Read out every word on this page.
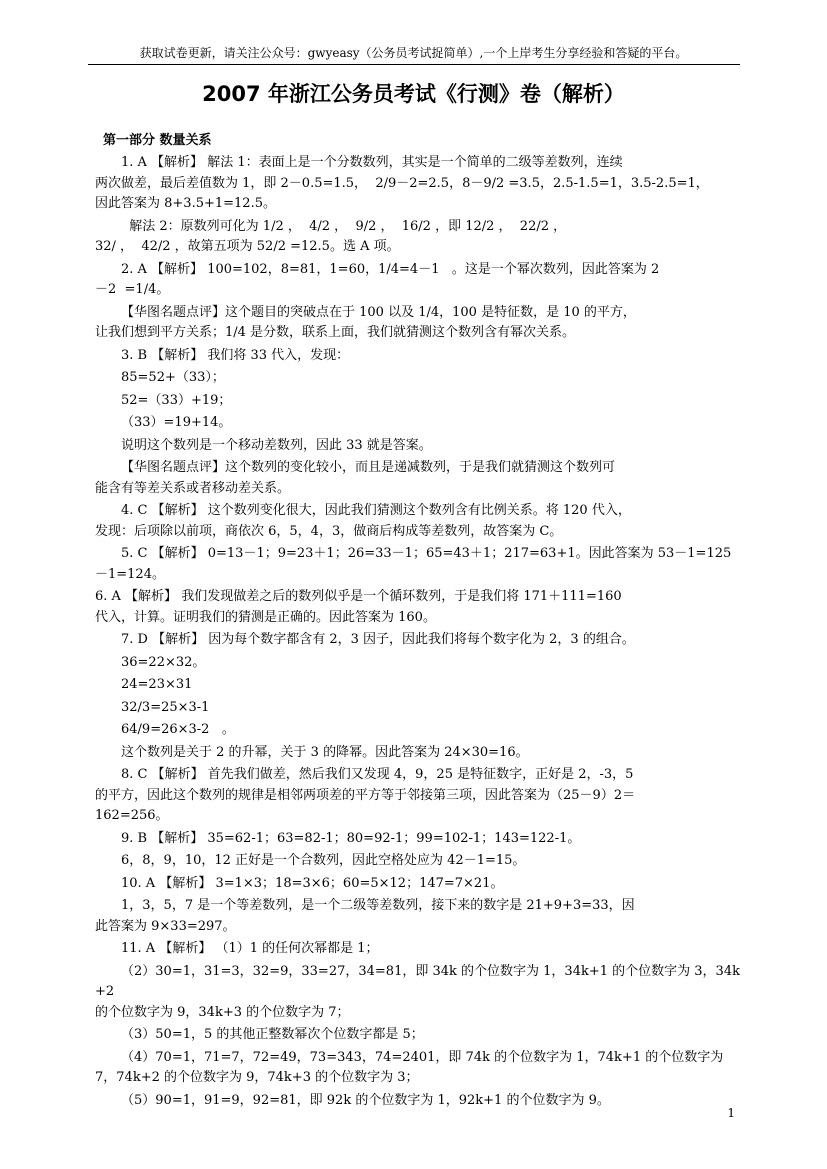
获取试卷更新，请关注公众号：gwyeasy（公务员考试捉简单）,一个上岸考生分享经验和答疑的平台。
2007 年浙江公务员考试《行测》卷（解析）
第一部分 数量关系
1. A 【解析】 解法 1：表面上是一个分数数列，其实是一个简单的二级等差数列，连续
两次做差，最后差值数为 1，即 2－0.5=1.5，  2/9－2=2.5，8－9/2 =3.5，2.5-1.5=1，3.5-2.5=1，
因此答案为 8+3.5+1=12.5。
解法 2：原数列可化为 1/2 ，  4/2 ，  9/2 ，  16/2 ，即 12/2 ，  22/2 ，
32/ ，  42/2 ，故第五项为 52/2 =12.5。选 A 项。
2. A 【解析】 100=102，8=81，1=60，1/4=4－1   。这是一个幂次数列，因此答案为 2
－2  =1/4。
【华图名题点评】这个题目的突破点在于 100 以及 1/4，100 是特征数，是 10 的平方，
让我们想到平方关系；1/4 是分数，联系上面，我们就猜测这个数列含有幂次关系。
3. B 【解析】 我们将 33 代入，发现：
85=52+（33）；
52=（33）+19；
（33）=19+14。
说明这个数列是一个移动差数列，因此 33 就是答案。
【华图名题点评】这个数列的变化较小，而且是递减数列，于是我们就猜测这个数列可
能含有等差关系或者移动差关系。
4. C 【解析】 这个数列变化很大，因此我们猜测这个数列含有比例关系。将 120 代入，
发现：后项除以前项，商依次 6，5，4，3，做商后构成等差数列，故答案为 C。
5. C 【解析】 0=13－1；9=23＋1；26=33－1；65=43＋1；217=63+1。因此答案为 53－1=125
－1=124。
6. A 【解析】 我们发现做差之后的数列似乎是一个循环数列，于是我们将 171＋111=160
代入，计算。证明我们的猜测是正确的。因此答案为 160。
7. D 【解析】 因为每个数字都含有 2，3 因子，因此我们将每个数字化为 2，3 的组合。
36=22×32。
24=23×31
32/3=25×3-1
64/9=26×3-2   。
这个数列是关于 2 的升幂，关于 3 的降幂。因此答案为 24×30=16。
8. C 【解析】 首先我们做差，然后我们又发现 4，9，25 是特征数字，正好是 2，-3，5
的平方，因此这个数列的规律是相邻两项差的平方等于邻接第三项，因此答案为（25－9）2＝
162=256。
9. B 【解析】 35=62-1；63=82-1；80=92-1；99=102-1；143=122-1。
6，8，9，10，12 正好是一个合数列，因此空格处应为 42－1=15。
10. A 【解析】 3=1×3；18=3×6；60=5×12；147=7×21。
1，3，5，7 是一个等差数列，是一个二级等差数列，接下来的数字是 21+9+3=33，因
此答案为 9×33=297。
11. A 【解析】 （1）1 的任何次幂都是 1；
（2）30=1，31=3，32=9，33=27，34=81，即 34k 的个位数字为 1，34k+1 的个位数字为 3，34k+2
的个位数字为 9，34k+3 的个位数字为 7；
（3）50=1，5 的其他正整数幂次个位数字都是 5；
（4）70=1，71=7，72=49，73=343，74=2401，即 74k 的个位数字为 1，74k+1 的个位数字为
7，74k+2 的个位数字为 9，74k+3 的个位数字为 3；
（5）90=1，91=9，92=81，即 92k 的个位数字为 1，92k+1 的个位数字为 9。
1
